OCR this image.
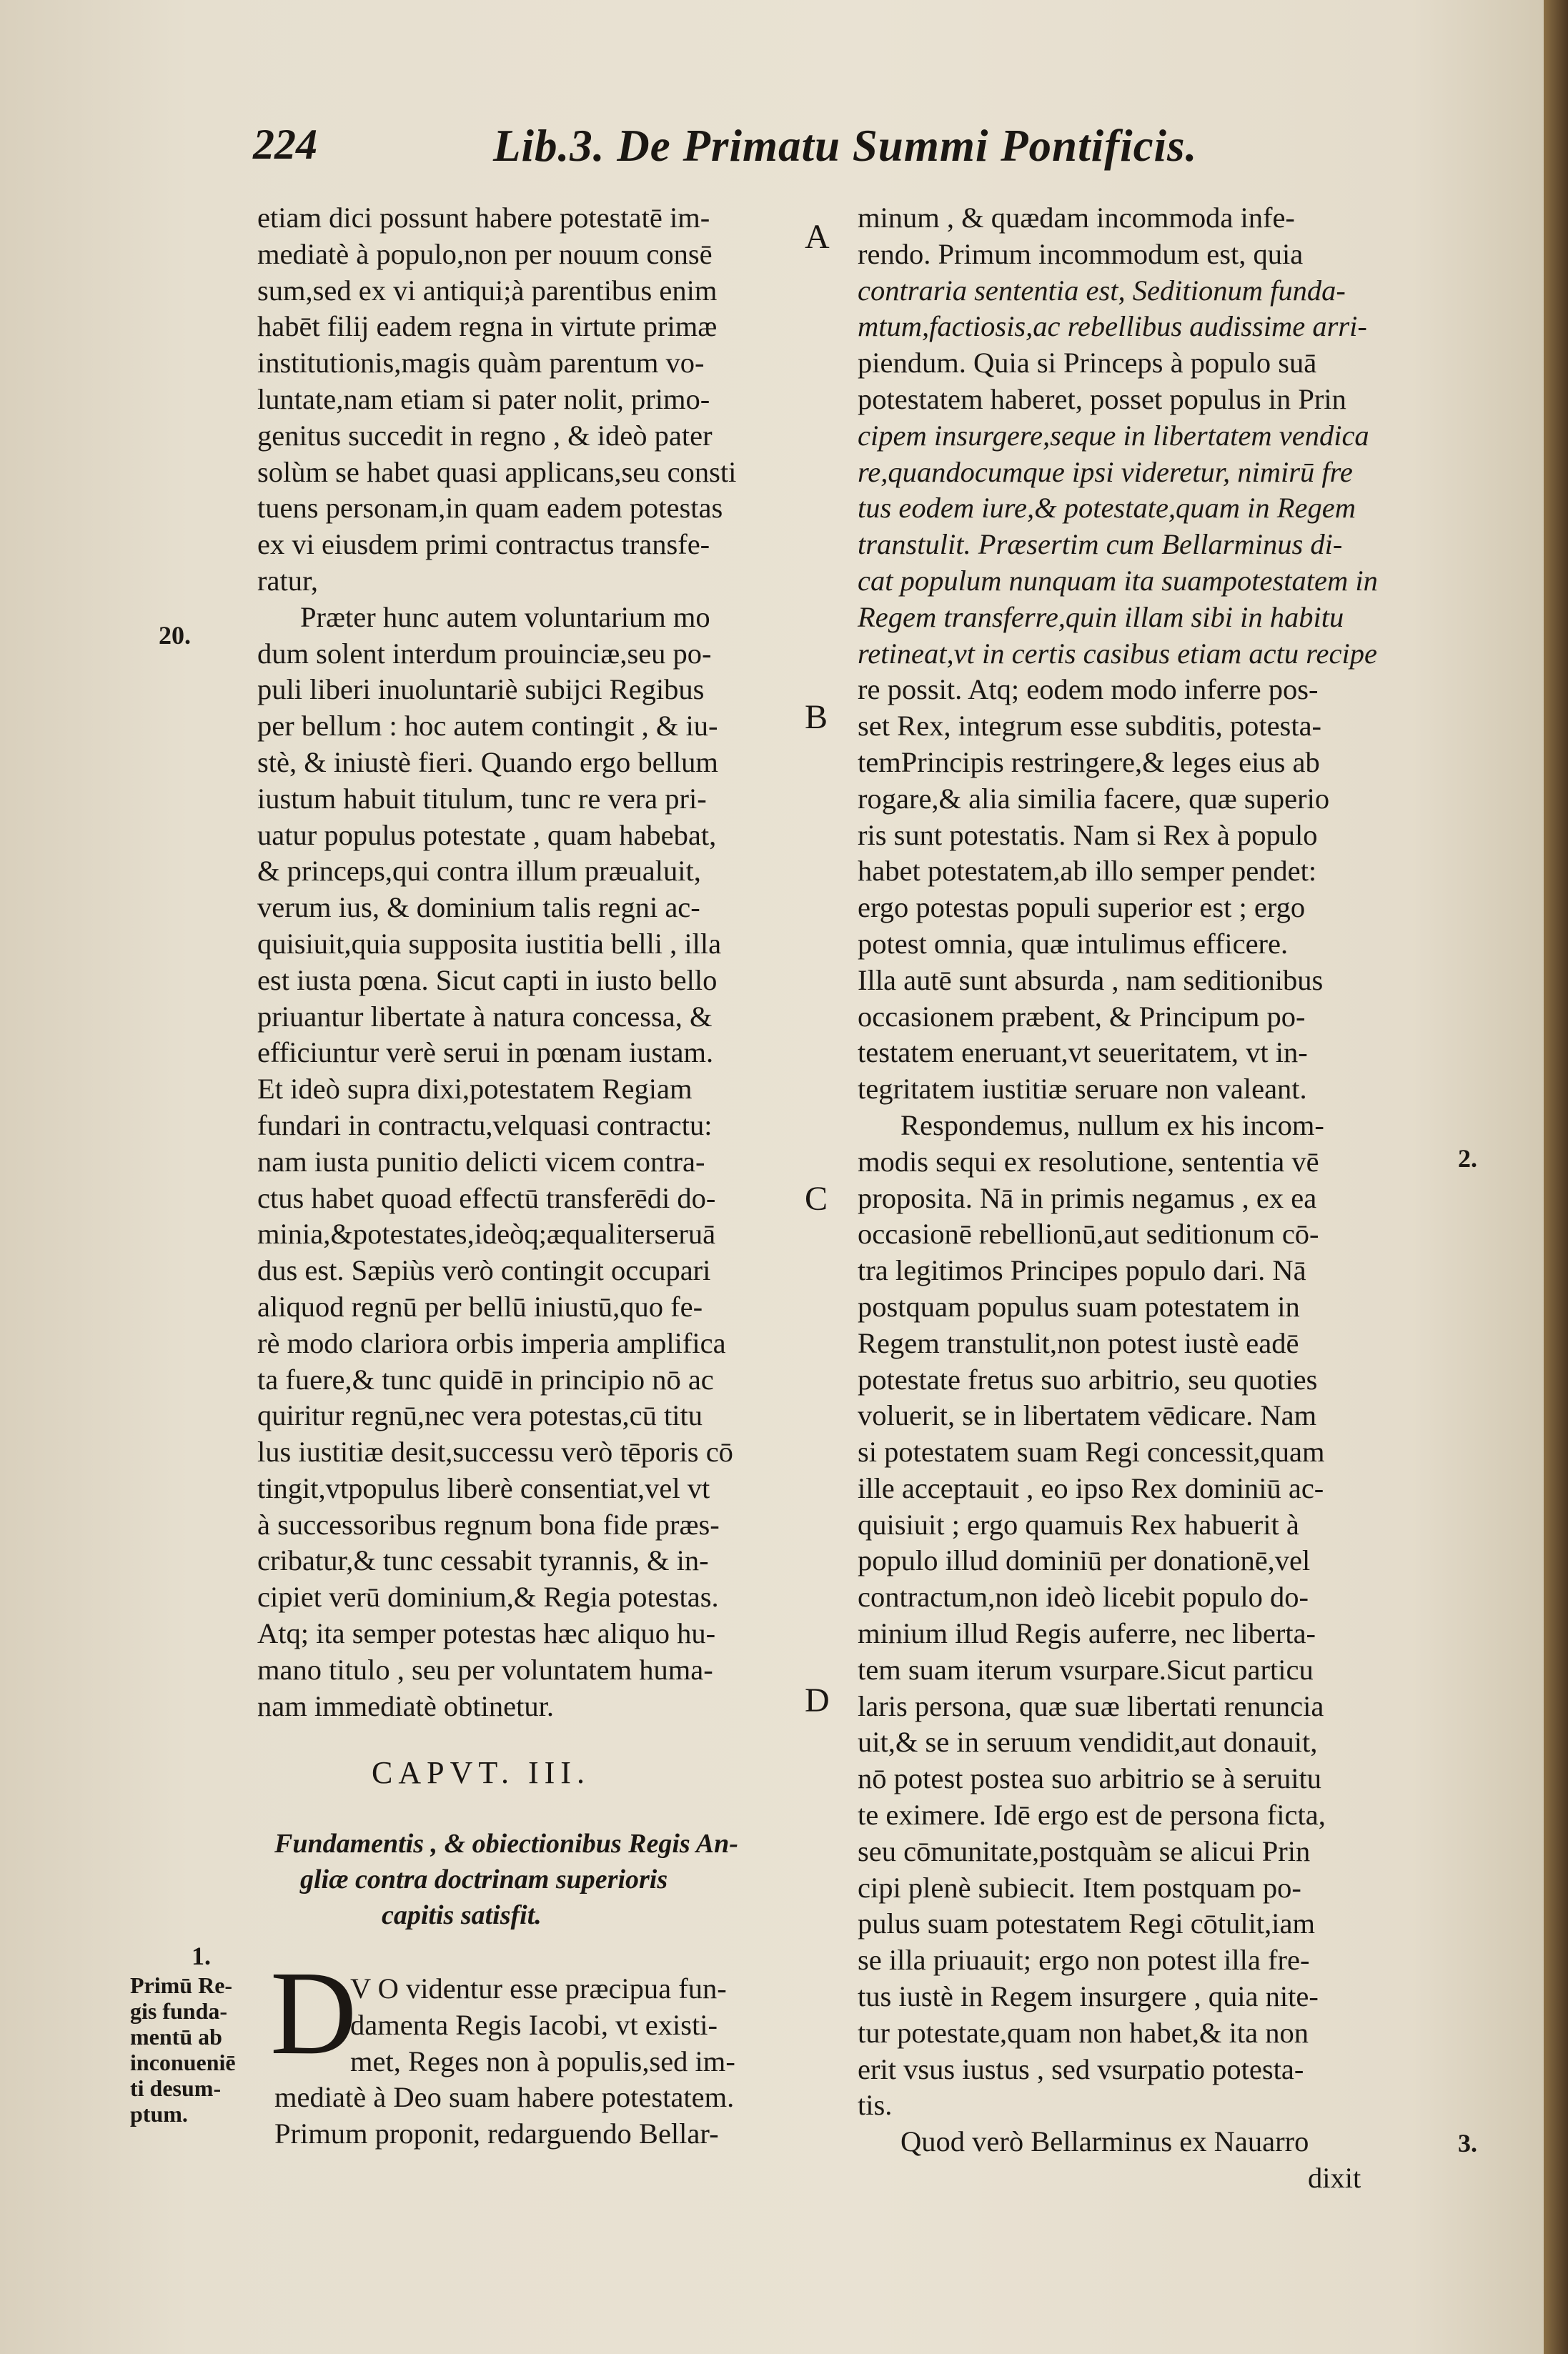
224	Lib.3. De Primatu Summi Pontificis.
etiam dici possunt habere potestatē im-
mediatè à populo,non per nouum consē
sum,sed ex vi antiqui;à parentibus enim
habēt filij eadem regna in virtute primæ
institutionis,magis quàm parentum vo-
luntate,nam etiam si pater nolit, primo-
genitus succedit in regno , & ideò pater
solùm se habet quasi applicans,seu consti
tuens personam,in quam eadem potestas
ex vi eiusdem primi contractus transfe-
ratur,
Præter hunc autem voluntarium mo
dum solent interdum prouinciæ,seu po-
puli liberi inuoluntariè subijci Regibus
per bellum : hoc autem contingit , & iu-
stè, & iniustè fieri. Quando ergo bellum
iustum habuit titulum, tunc re vera pri-
uatur populus potestate , quam habebat,
& princeps,qui contra illum præualuit,
verum ius, & dominium talis regni ac-
quisiuit,quia supposita iustitia belli , illa
est iusta pœna. Sicut capti in iusto bello
priuantur libertate à natura concessa, &
efficiuntur verè serui in pœnam iustam.
Et ideò supra dixi,potestatem Regiam
fundari in contractu,velquasi contractu:
nam iusta punitio delicti vicem contra-
ctus habet quoad effectū transferēdi do-
minia,&potestates,ideòq;æqualiterseruā
dus est. Sæpiùs verò contingit occupari
aliquod regnū per bellū iniustū,quo fe-
rè modo clariora orbis imperia amplifica
ta fuere,& tunc quidē in principio nō ac
quiritur regnū,nec vera potestas,cū titu
lus iustitiæ desit,successu verò tēporis cō
tingit,vtpopulus liberè consentiat,vel vt
à successoribus regnum bona fide præs-
cribatur,& tunc cessabit tyrannis, & in-
cipiet verū dominium,& Regia potestas.
Atq; ita semper potestas hæc aliquo hu-
mano titulo , seu per voluntatem huma-
nam immediatè obtinetur.
CAPVT. III.
Fundamentis , & obiectionibus Regis An-
gliæ contra doctrinam superioris
capitis satisfit.
D
V O videntur esse præcipua fun-
damenta Regis Iacobi, vt existi-
met, Reges non à populis,sed im-
mediatè à Deo suam habere potestatem.
Primum proponit, redarguendo Bellar-
minum , & quædam incommoda infe-
rendo. Primum incommodum est, quia
contraria sententia est, Seditionum funda-
mtum,factiosis,ac rebellibus audissime arri-
piendum. Quia si Princeps à populo suā
potestatem haberet, posset populus in Prin
cipem insurgere,seque in libertatem vendica
re,quandocumque ipsi videretur, nimirū fre
tus eodem iure,& potestate,quam in Regem
transtulit. Præsertim cum Bellarminus di-
cat populum nunquam ita suampotestatem in
Regem transferre,quin illam sibi in habitu
retineat,vt in certis casibus etiam actu recipe
re possit. Atq; eodem modo inferre pos-
set Rex, integrum esse subditis, potesta-
temPrincipis restringere,& leges eius ab
rogare,& alia similia facere, quæ superio
ris sunt potestatis. Nam si Rex à populo
habet potestatem,ab illo semper pendet:
ergo potestas populi superior est ; ergo
potest omnia, quæ intulimus efficere.
Illa autē sunt absurda , nam seditionibus
occasionem præbent, & Principum po-
testatem eneruant,vt seueritatem, vt in-
tegritatem iustitiæ seruare non valeant.
Respondemus, nullum ex his incom-
modis sequi ex resolutione, sententia vē
proposita. Nā in primis negamus , ex ea
occasionē rebellionū,aut seditionum cō-
tra legitimos Principes populo dari. Nā
postquam populus suam potestatem in
Regem transtulit,non potest iustè eadē
potestate fretus suo arbitrio, seu quoties
voluerit, se in libertatem vēdicare. Nam
si potestatem suam Regi concessit,quam
ille acceptauit , eo ipso Rex dominiū ac-
quisiuit ; ergo quamuis Rex habuerit à
populo illud dominiū per donationē,vel
contractum,non ideò licebit populo do-
minium illud Regis auferre, nec liberta-
tem suam iterum vsurpare.Sicut particu
laris persona, quæ suæ libertati renuncia
uit,& se in seruum vendidit,aut donauit,
nō potest postea suo arbitrio se à seruitu
te eximere. Idē ergo est de persona ficta,
seu cōmunitate,postquàm se alicui Prin
cipi plenè subiecit. Item postquam po-
pulus suam potestatem Regi cōtulit,iam
se illa priuauit; ergo non potest illa fre-
tus iustè in Regem insurgere , quia nite-
tur potestate,quam non habet,& ita non
erit vsus iustus , sed vsurpatio potesta-
tis.
Quod verò Bellarminus ex Nauarro
dixit
A
B
C
D
20.
2.
3.
1.
Primū Re-
gis funda-
mentū ab
inconueniē
ti desum-
ptum.
